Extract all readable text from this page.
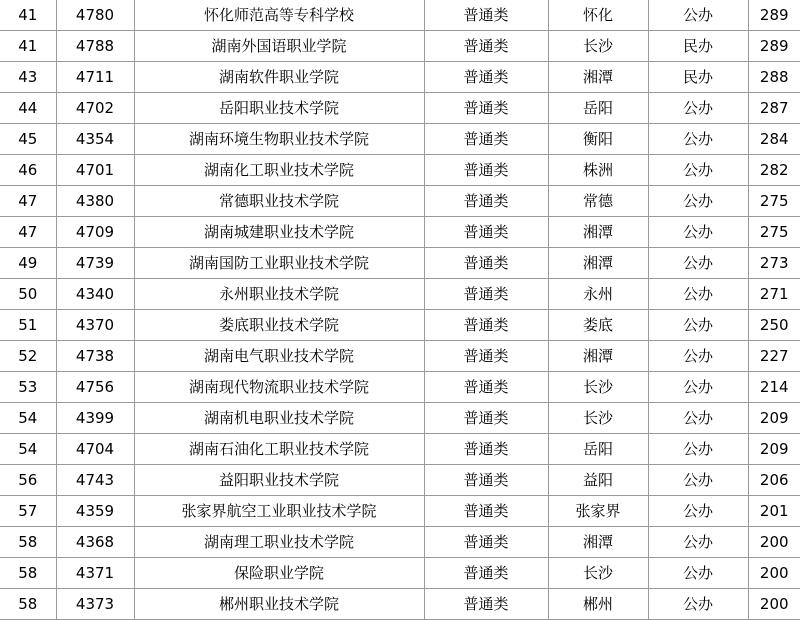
41	4780	怀化师范高等专科学校	普通类	怀化	公办	289
41	4788	湖南外国语职业学院	普通类	长沙	民办	289
43	4711	湖南软件职业学院	普通类	湘潭	民办	288
44	4702	岳阳职业技术学院	普通类	岳阳	公办	287
45	4354	湖南环境生物职业技术学院	普通类	衡阳	公办	284
46	4701	湖南化工职业技术学院	普通类	株洲	公办	282
47	4380	常德职业技术学院	普通类	常德	公办	275
47	4709	湖南城建职业技术学院	普通类	湘潭	公办	275
49	4739	湖南国防工业职业技术学院	普通类	湘潭	公办	273
50	4340	永州职业技术学院	普通类	永州	公办	271
51	4370	娄底职业技术学院	普通类	娄底	公办	250
52	4738	湖南电气职业技术学院	普通类	湘潭	公办	227
53	4756	湖南现代物流职业技术学院	普通类	长沙	公办	214
54	4399	湖南机电职业技术学院	普通类	长沙	公办	209
54	4704	湖南石油化工职业技术学院	普通类	岳阳	公办	209
56	4743	益阳职业技术学院	普通类	益阳	公办	206
57	4359	张家界航空工业职业技术学院	普通类	张家界	公办	201
58	4368	湖南理工职业技术学院	普通类	湘潭	公办	200
58	4371	保险职业学院	普通类	长沙	公办	200
58	4373	郴州职业技术学院	普通类	郴州	公办	200
